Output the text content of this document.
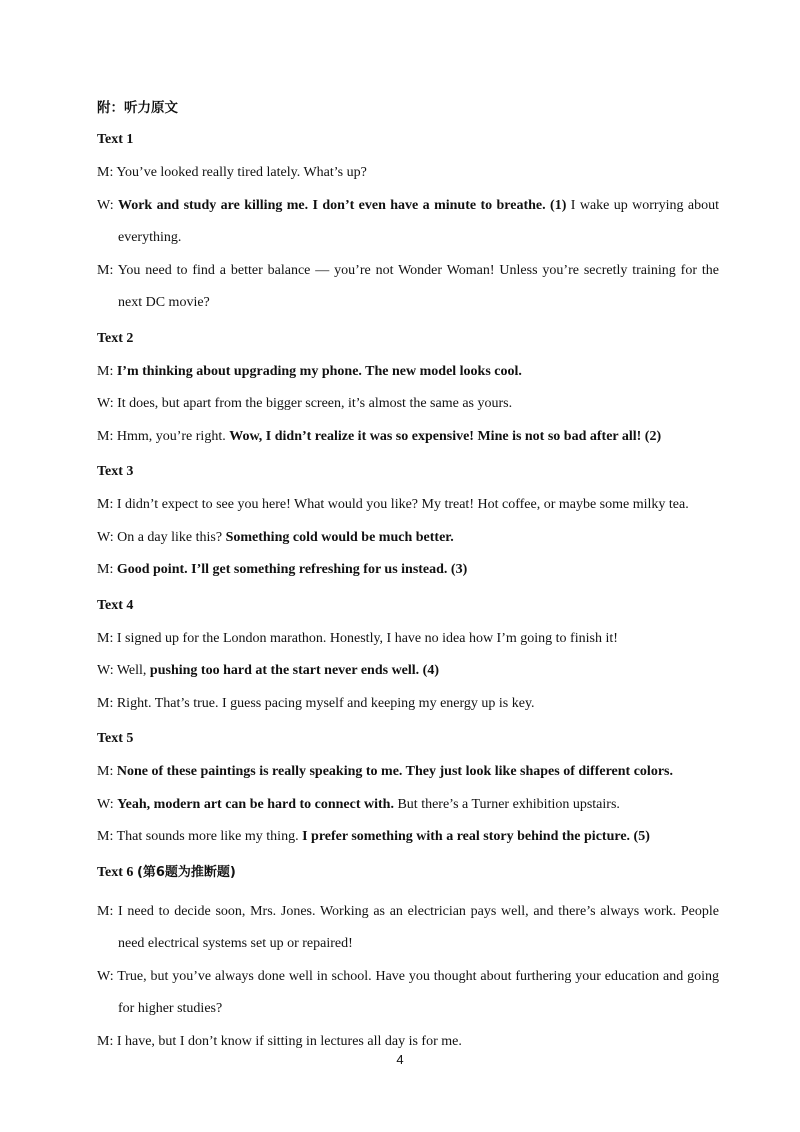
附：听力原文
Text 1

M: You’ve looked really tired lately. What’s up?

W: Work and study are killing me. I don’t even have a minute to breathe. (1) I wake up worrying about everything.

M: You need to find a better balance — you’re not Wonder Woman! Unless you’re secretly training for the next DC movie?

Text 2

M: I’m thinking about upgrading my phone. The new model looks cool.

W: It does, but apart from the bigger screen, it’s almost the same as yours.

M: Hmm, you’re right. Wow, I didn’t realize it was so expensive! Mine is not so bad after all! (2)

Text 3

M: I didn’t expect to see you here! What would you like? My treat! Hot coffee, or maybe some milky tea.

W: On a day like this? Something cold would be much better.

M: Good point. I’ll get something refreshing for us instead. (3)

Text 4

M: I signed up for the London marathon. Honestly, I have no idea how I’m going to finish it!

W: Well, pushing too hard at the start never ends well. (4)

M: Right. That’s true. I guess pacing myself and keeping my energy up is key.

Text 5

M: None of these paintings is really speaking to me. They just look like shapes of different colors.

W: Yeah, modern art can be hard to connect with. But there’s a Turner exhibition upstairs.

M: That sounds more like my thing. I prefer something with a real story behind the picture. (5)

Text 6 (第6题为推断题)

M: I need to decide soon, Mrs. Jones. Working as an electrician pays well, and there’s always work. People need electrical systems set up or repaired!

W: True, but you’ve always done well in school. Have you thought about furthering your education and going for higher studies?

M: I have, but I don’t know if sitting in lectures all day is for me.

4
